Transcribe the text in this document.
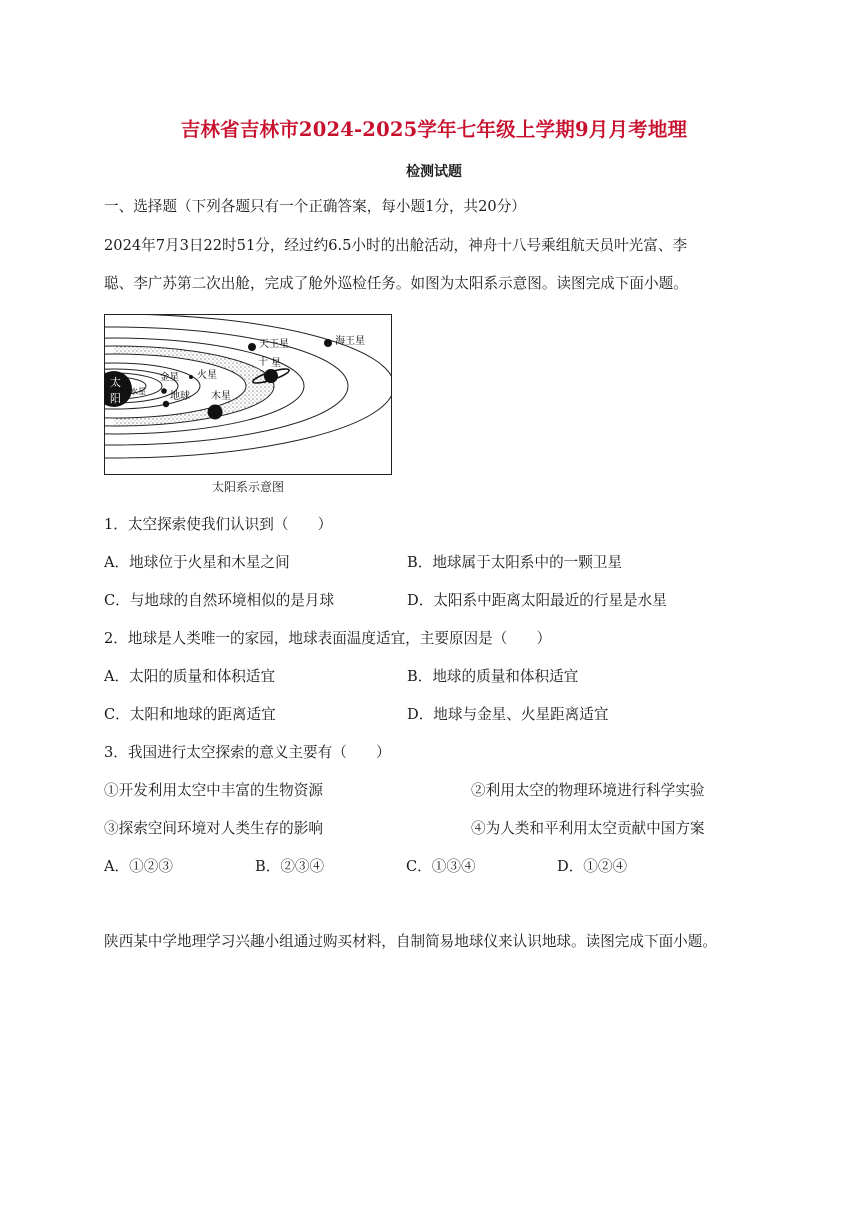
吉林省吉林市2024-2025学年七年级上学期9月月考地理
检测试题
一、选择题（下列各题只有一个正确答案，每小题1分，共20分）
2024年7月3日22时51分，经过约6.5小时的出舱活动，神舟十八号乘组航天员叶光富、李
聪、李广苏第二次出舱，完成了舱外巡检任务。如图为太阳系示意图。读图完成下面小题。
太
阳
水星
金星
地球
火星
木星
十 星
天王星	海王星
太阳系示意图
1．太空探索使我们认识到（　　）
A．地球位于火星和木星之间	B．地球属于太阳系中的一颗卫星
C．与地球的自然环境相似的是月球	D．太阳系中距离太阳最近的行星是水星
2．地球是人类唯一的家园，地球表面温度适宜，主要原因是（　　）
A．太阳的质量和体积适宜	B．地球的质量和体积适宜
C．太阳和地球的距离适宜	D．地球与金星、火星距离适宜
3．我国进行太空探索的意义主要有（　　）
①开发利用太空中丰富的生物资源	②利用太空的物理环境进行科学实验
③探索空间环境对人类生存的影响	④为人类和平利用太空贡献中国方案
A．①②③	B．②③④	C．①③④	D．①②④
陕西某中学地理学习兴趣小组通过购买材料，自制简易地球仪来认识地球。读图完成下面小题。
